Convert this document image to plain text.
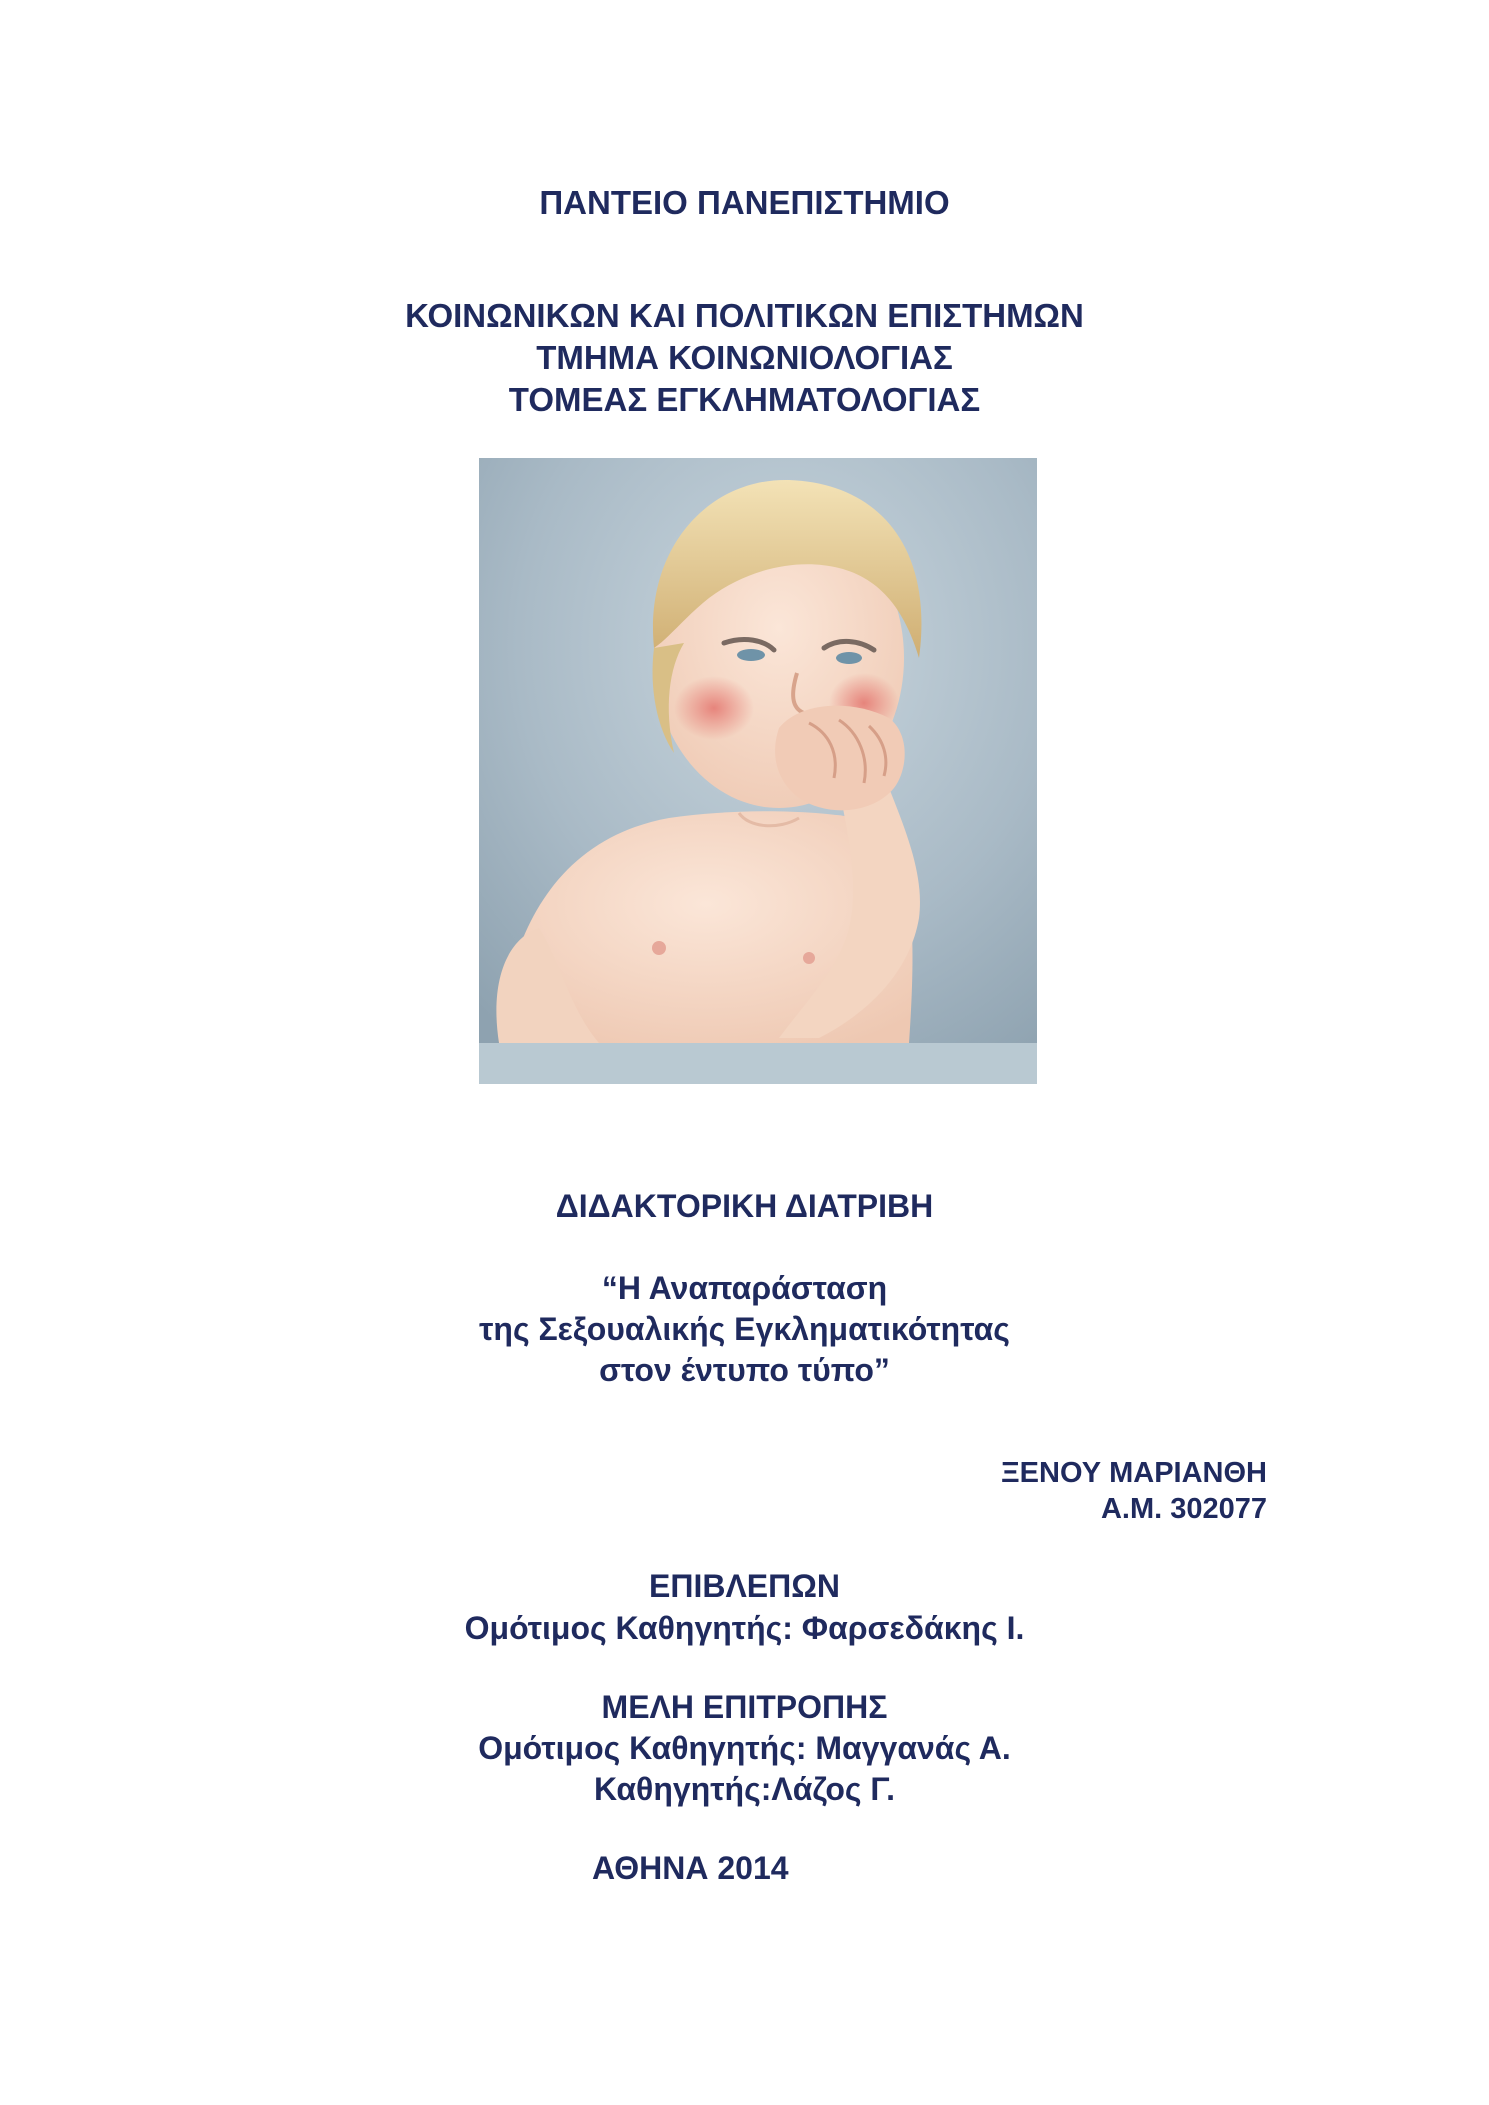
ΠΑΝΤΕΙΟ ΠΑΝΕΠΙΣΤΗΜΙΟ

ΚΟΙΝΩΝΙΚΩΝ ΚΑΙ ΠΟΛΙΤΙΚΩΝ ΕΠΙΣΤΗΜΩΝ

ΤΜΗΜΑ ΚΟΙΝΩΝΙΟΛΟΓΙΑΣ

ΤΟΜΕΑΣ ΕΓΚΛΗΜΑΤΟΛΟΓΙΑΣ

ΔΙΔΑΚΤΟΡΙΚΗ ΔΙΑΤΡΙΒΗ

“Η Αναπαράσταση

της Σεξουαλικής Εγκληματικότητας

στον έντυπο τύπο”

ΞΕΝΟΥ ΜΑΡΙΑΝΘΗ

Α.Μ. 302077

ΕΠΙΒΛΕΠΩΝ

Ομότιμος Καθηγητής: Φαρσεδάκης Ι.

ΜΕΛΗ ΕΠΙΤΡΟΠΗΣ

Ομότιμος Καθηγητής: Μαγγανάς Α.

Καθηγητής:Λάζος Γ.

ΑΘΗΝΑ 2014
